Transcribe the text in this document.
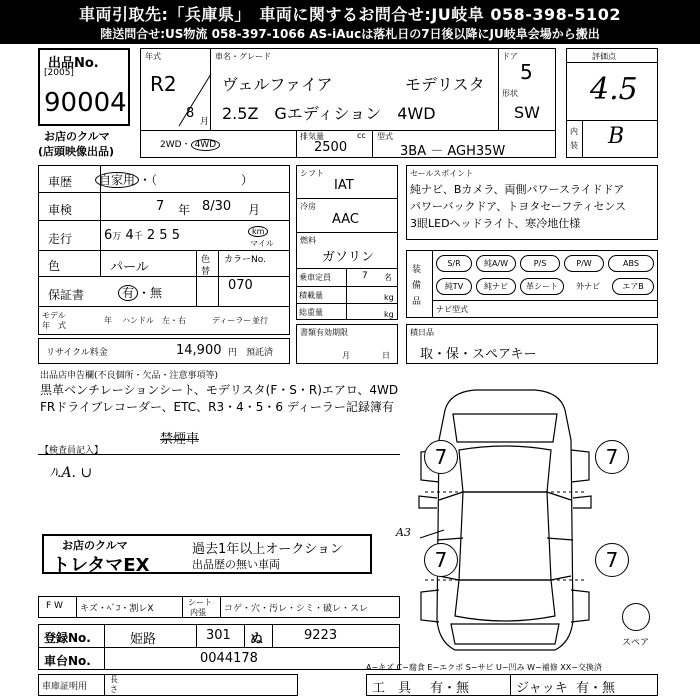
車両引取先:「兵庫県」　車両に関するお問合せ:JU岐阜 058-398-5102
陸送問合せ:US物流 058-397-1066 AS-iAucは落札日の7日後以降にJU岐阜会場から搬出
出品No.
[2005]
90004
お店のクルマ
(店頭映像出品)
年式
R2
8
月
車名・グレード
ヴェルファイア	モデリスタ
2.5Z　Gエディション　4WD
ドア
5
形状
SW
2WD・ 4WD
排気量	cc
2500
型式
3BA － AGH35W
評価点
4.5
内
装 B
車歴	自家用 ・（　　　　　　　）
車検	7 年 8/30 月
走行 6万 4千 2 5 5	km
マイル
色	パール	色
替
カラーNo.
070
保証書	有 ・無
モデル
年　式
年 ハンドル 左・右	ディーラー 並行
リサイクル料金	14,900 円 預託済
シフト
IAT
冷房
AAC
燃料
ガソリン
乗車定員	7 名
積載量	kg
総重量	kg
書類有効期限
月	日
セールスポイント
純ナビ、Bカメラ、両側パワースライドドア
パワーバックドア、トヨタセーフティセンス
3眼LEDヘッドライト、寒冷地仕様
装備品
S/R	純A/W	P/S	P/W	ABS
純TV	純ナビ	革シート	外ナビ	エアB
ナビ型式
積日品
取・保・スペアキー
出品店申告欄(不良個所・欠品・注意事項等)
黒革ベンチレーションシート、モデリスタ(F・S・R)エアロ、4WD
FRドライブレコーダー、ETC、R3・4・5・6 ディーラー記録簿有
禁煙車
【検査員記入】
ﾊ.A. ∪
お店のクルマ
トレタマEX
過去1年以上オークション
出品歴の無い車両
F W キズ・ﾍﾞｺ・割レX
シート
内張 コゲ・穴・汚レ・シミ・破レ・スレ
登録No.	姫路	301 ぬ	9223
車台No.	0044178
車庫証明用
長
さ
A−キズ C−腐食 E−エクボ S−サビ U−凹み W−補修 XX−交換済
工　具 有・無	ジャッキ 有・無
7	7
7	7
A3
スペア
